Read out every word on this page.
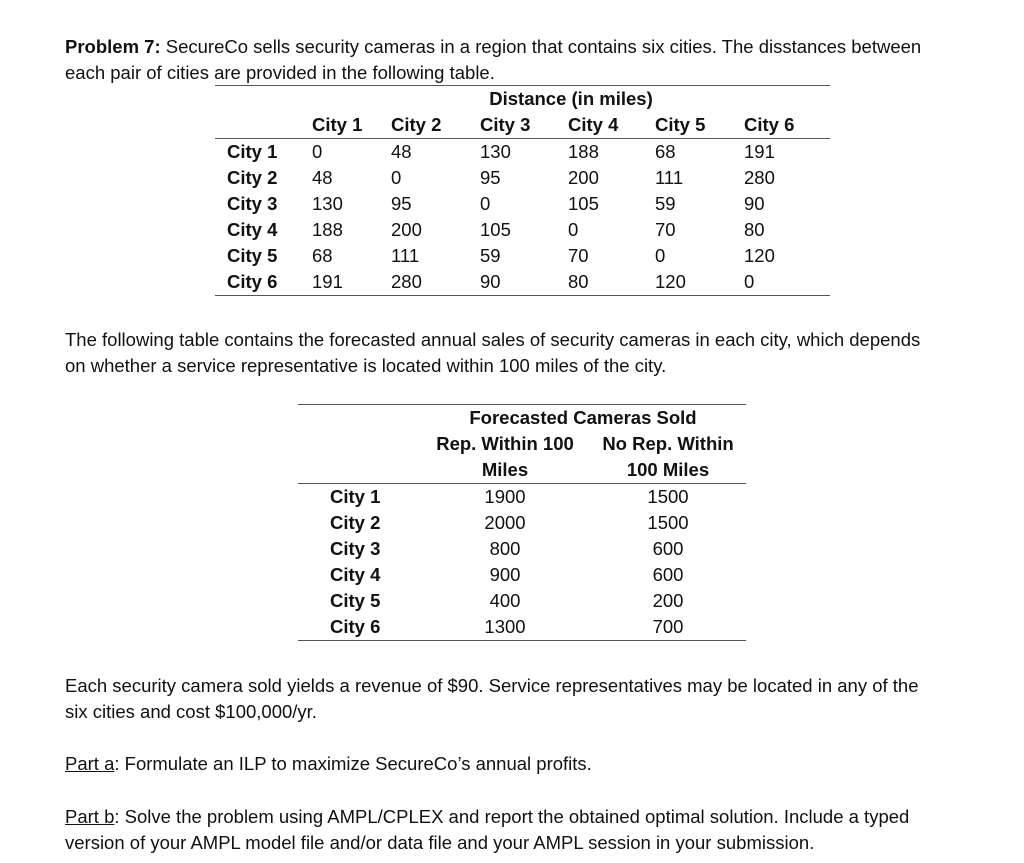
Problem 7: SecureCo sells security cameras in a region that contains six cities. The disstances between
each pair of cities are provided in the following table.

	Distance (in miles)					
	City 1	City 2	City 3	City 4	City 5	City 6
City 1	0	48	130	188	68	191
City 2	48	0	95	200	111	280
City 3	130	95	0	105	59	90
City 4	188	200	105	0	70	80
City 5	68	111	59	70	0	120
City 6	191	280	90	80	120	0

The following table contains the forecasted annual sales of security cameras in each city, which depends
on whether a service representative is located within 100 miles of the city.

	Forecasted Cameras Sold	
	Rep. Within 100	No Rep. Within
	Miles	100 Miles
City 1	1900	1500
City 2	2000	1500
City 3	800	600
City 4	900	600
City 5	400	200
City 6	1300	700

Each security camera sold yields a revenue of $90. Service representatives may be located in any of the
six cities and cost $100,000/yr.

Part a: Formulate an ILP to maximize SecureCo’s annual profits.

Part b: Solve the problem using AMPL/CPLEX and report the obtained optimal solution. Include a typed
version of your AMPL model file and/or data file and your AMPL session in your submission.
